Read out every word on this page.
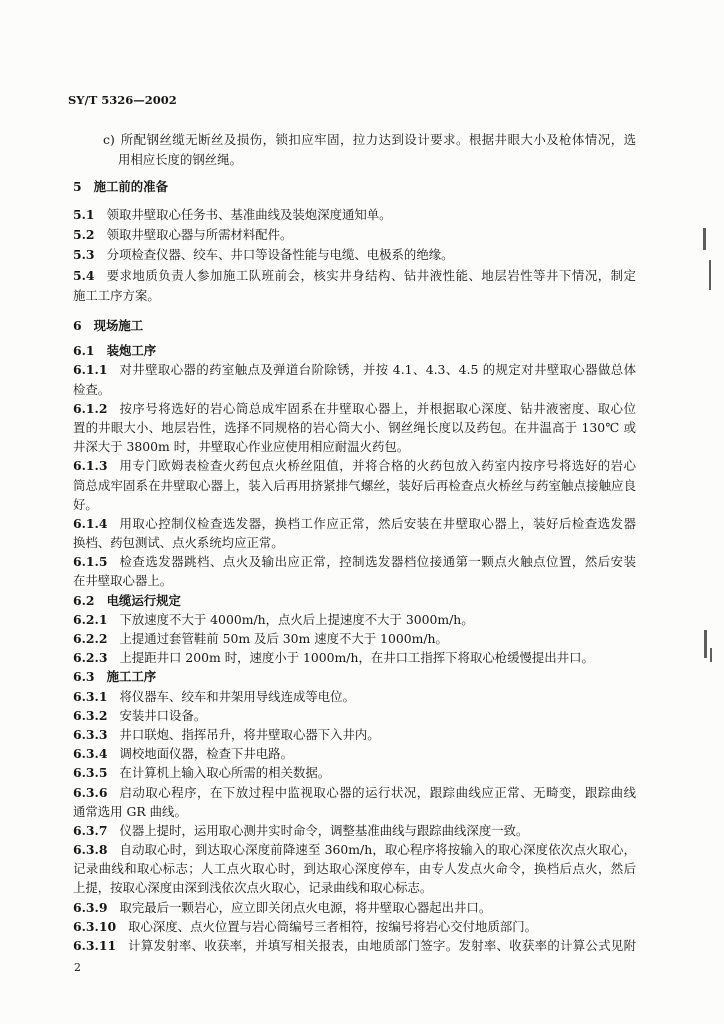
SY/T 5326—2002
c) 所配钢丝缆无断丝及损伤，锁扣应牢固，拉力达到设计要求。根据井眼大小及枪体情况，选
用相应长度的钢丝绳。
5 施工前的准备
5.1 领取井壁取心任务书、基准曲线及装炮深度通知单。
5.2 领取井壁取心器与所需材料配件。
5.3 分项检查仪器、绞车、井口等设备性能与电缆、电极系的绝缘。
5.4 要求地质负责人参加施工队班前会，核实井身结构、钻井液性能、地层岩性等井下情况，制定
施工工序方案。
6 现场施工
6.1 装炮工序
6.1.1 对井壁取心器的药室触点及弹道台阶除锈，并按 4.1、4.3、4.5 的规定对井壁取心器做总体
检查。
6.1.2 按序号将选好的岩心筒总成牢固系在井壁取心器上，并根据取心深度、钻井液密度、取心位
置的井眼大小、地层岩性，选择不同规格的岩心筒大小、钢丝绳长度以及药包。在井温高于 130℃ 或
井深大于 3800m 时，井壁取心作业应使用相应耐温火药包。
6.1.3 用专门欧姆表检查火药包点火桥丝阻值，并将合格的火药包放入药室内按序号将选好的岩心
筒总成牢固系在井壁取心器上，装入后再用挤紧排气螺丝，装好后再检查点火桥丝与药室触点接触应良
好。
6.1.4 用取心控制仪检查选发器，换档工作应正常，然后安装在井壁取心器上，装好后检查选发器
换档、药包测试、点火系统均应正常。
6.1.5 检查选发器跳档、点火及输出应正常，控制选发器档位接通第一颗点火触点位置，然后安装
在井壁取心器上。
6.2 电缆运行规定
6.2.1 下放速度不大于 4000m/h，点火后上提速度不大于 3000m/h。
6.2.2 上提通过套管鞋前 50m 及后 30m 速度不大于 1000m/h。
6.2.3 上提距井口 200m 时，速度小于 1000m/h，在井口工指挥下将取心枪缓慢提出井口。
6.3 施工工序
6.3.1 将仪器车、绞车和井架用导线连成等电位。
6.3.2 安装井口设备。
6.3.3 井口联炮、指挥吊升，将井壁取心器下入井内。
6.3.4 调校地面仪器，检查下井电路。
6.3.5 在计算机上输入取心所需的相关数据。
6.3.6 启动取心程序，在下放过程中监视取心器的运行状况，跟踪曲线应正常、无畸变，跟踪曲线
通常选用 GR 曲线。
6.3.7 仪器上提时，运用取心测井实时命令，调整基准曲线与跟踪曲线深度一致。
6.3.8 自动取心时，到达取心深度前降速至 360m/h，取心程序将按输入的取心深度依次点火取心，
记录曲线和取心标志；人工点火取心时，到达取心深度停车，由专人发点火命令，换档后点火，然后
上提，按取心深度由深到浅依次点火取心，记录曲线和取心标志。
6.3.9 取完最后一颗岩心，应立即关闭点火电源，将井壁取心器起出井口。
6.3.10 取心深度、点火位置与岩心筒编号三者相符，按编号将岩心交付地质部门。
6.3.11 计算发射率、收获率，并填写相关报表，由地质部门签字。发射率、收获率的计算公式见附
2
